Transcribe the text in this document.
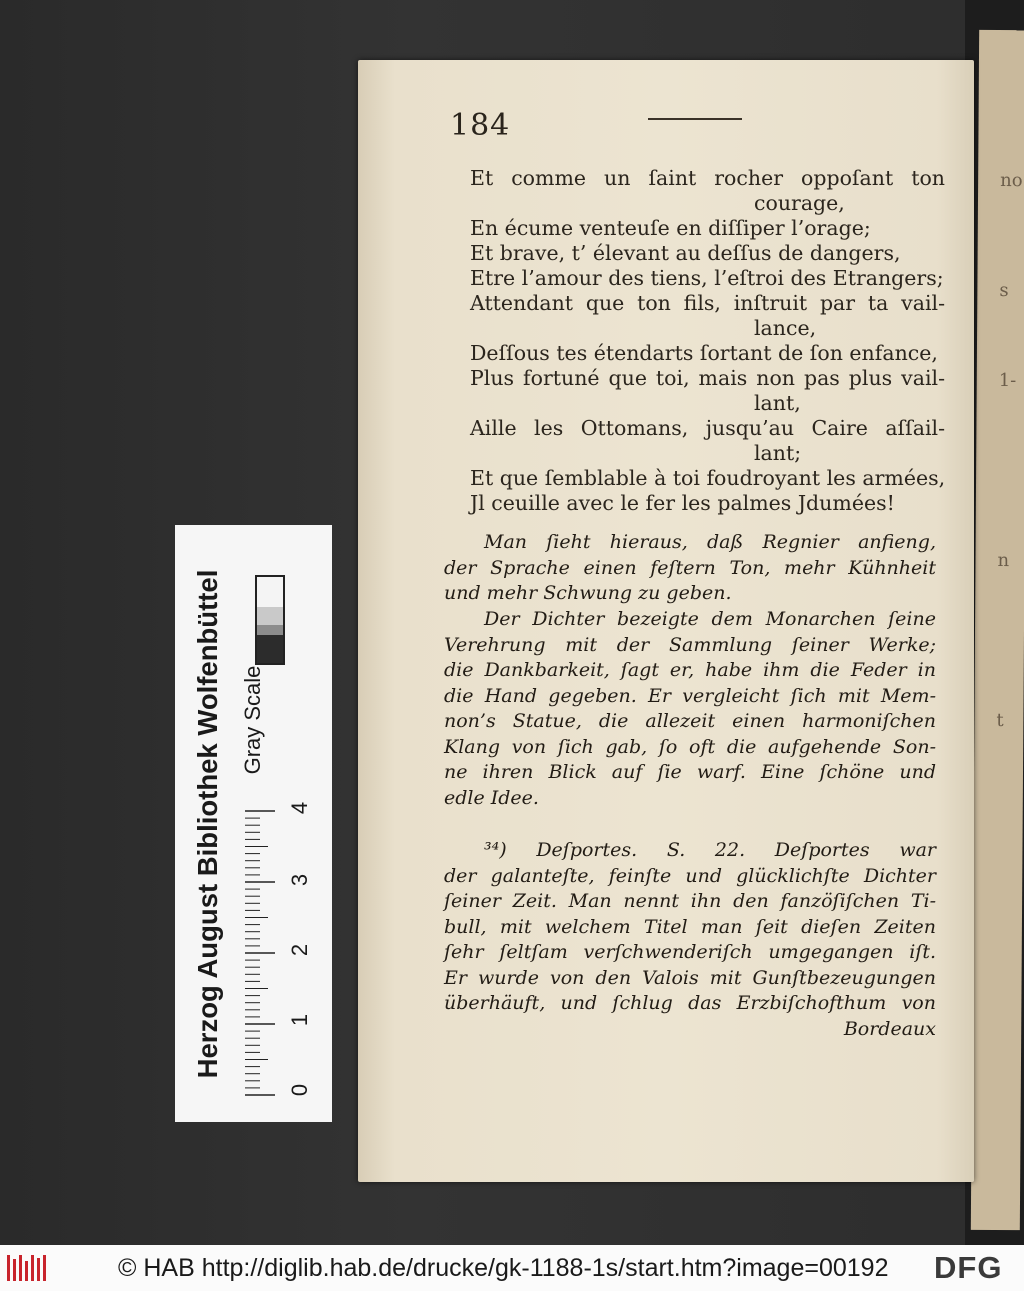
no
s
1-
n
t
184
Et comme un ſaint rocher oppoſant ton
courage,
En écume venteuſe en diſſiper l’orage;
Et brave, t’ élevant au deſſus de dangers,
Etre l’amour des tiens, l’eſtroi des Etrangers;
Attendant que ton fils, inſtruit par ta vail-
lance,
Deſſous tes étendarts ſortant de ſon enfance,
Plus fortuné que toi, mais non pas plus vail-
lant,
Aille les Ottomans, jusqu’au Caire aſſail-
lant;
Et que ſemblable à toi foudroyant les armées,
Jl ceuille avec le fer les palmes Jdumées!
Man ſieht hieraus, daß Regnier anfieng,
der Sprache einen feſtern Ton, mehr Kühnheit
und mehr Schwung zu geben.
Der Dichter bezeigte dem Monarchen ſeine
Verehrung mit der Sammlung ſeiner Werke;
die Dankbarkeit, ſagt er, habe ihm die Feder in
die Hand gegeben. Er vergleicht ſich mit Mem-
non’s Statue, die allezeit einen harmoniſchen
Klang von ſich gab, ſo oft die aufgehende Son-
ne ihren Blick auf ſie warf. Eine ſchöne und
edle Idee.
³⁴) Deſportes. S. 22. Deſportes war
der galanteſte, feinſte und glücklichſte Dichter
ſeiner Zeit. Man nennt ihn den fanzöſiſchen Ti-
bull, mit welchem Titel man ſeit dieſen Zeiten
ſehr ſeltſam verſchwenderiſch umgegangen iſt.
Er wurde von den Valois mit Gunſtbezeugungen
überhäuft, und ſchlug das Erzbiſchofthum von
Bordeaux
Herzog August Bibliothek Wolfenbüttel Gray Scale
0
1
2
3
4
© HAB http://diglib.hab.de/drucke/gk-1188-1s/start.htm?image=00192 DFG
